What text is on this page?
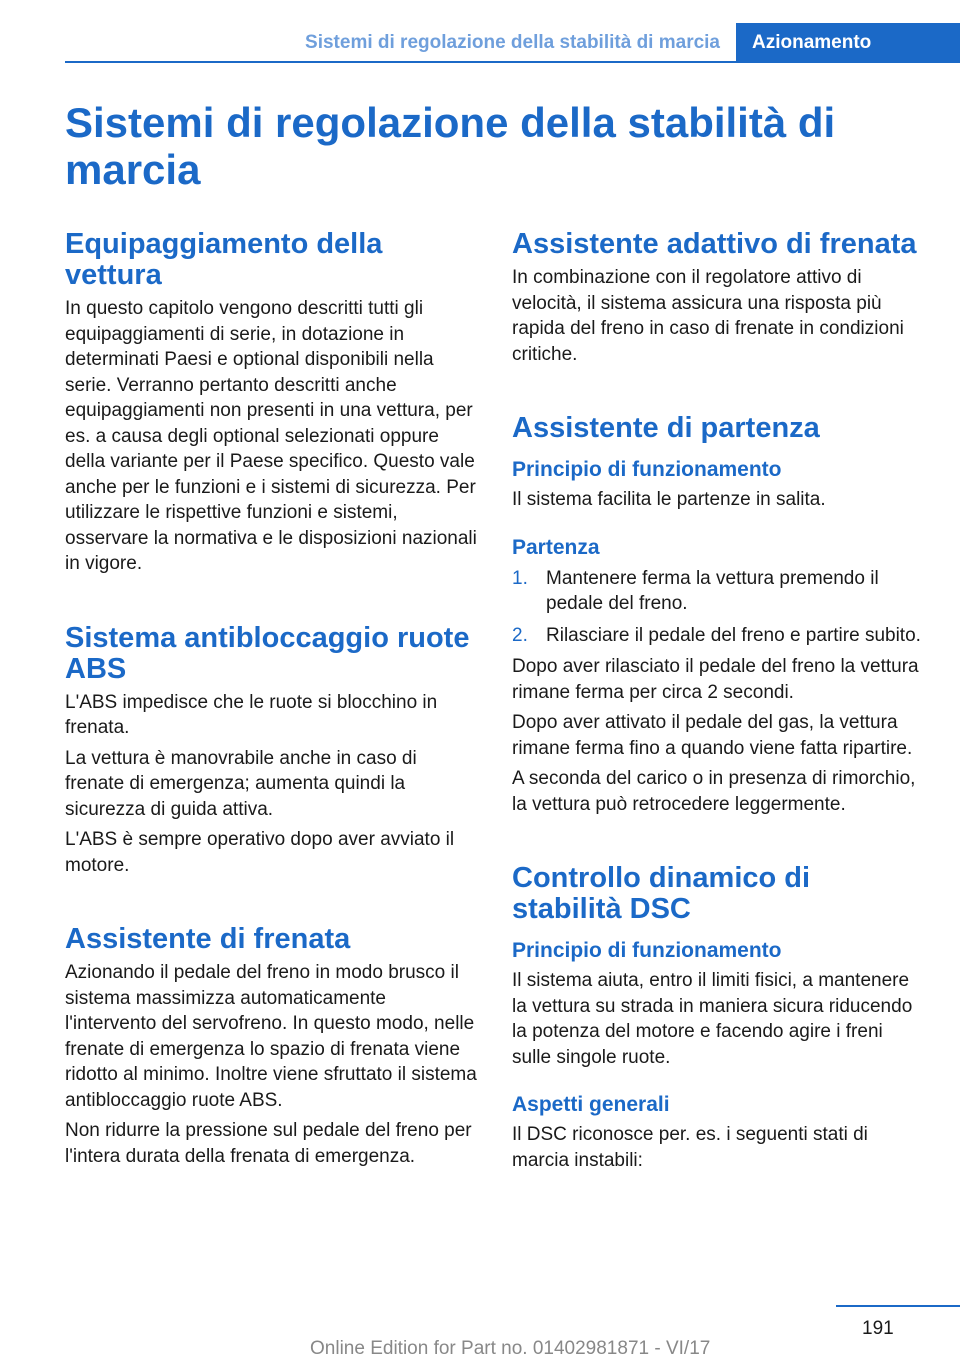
Sistemi di regolazione della stabilità di marcia	Azionamento
Sistemi di regolazione della stabilità di marcia
Equipaggiamento della vettura

In questo capitolo vengono descritti tutti gli equipaggiamenti di serie, in dotazione in determinati Paesi e optional disponibili nella serie. Verranno pertanto descritti anche equipaggiamenti non presenti in una vettura, per es. a causa degli optional selezionati oppure della variante per il Paese specifico. Questo vale anche per le funzioni e i sistemi di sicurezza. Per utilizzare le rispettive funzioni e sistemi, osservare la normativa e le disposizioni nazionali in vigore.

Sistema antibloccaggio ruote ABS

L'ABS impedisce che le ruote si blocchino in frenata.

La vettura è manovrabile anche in caso di frenate di emergenza; aumenta quindi la sicurezza di guida attiva.

L'ABS è sempre operativo dopo aver avviato il motore.

Assistente di frenata

Azionando il pedale del freno in modo brusco il sistema massimizza automaticamente l'intervento del servofreno. In questo modo, nelle frenate di emergenza lo spazio di frenata viene ridotto al minimo. Inoltre viene sfruttato il sistema antibloccaggio ruote ABS.

Non ridurre la pressione sul pedale del freno per l'intera durata della frenata di emergenza.

Assistente adattivo di frenata

In combinazione con il regolatore attivo di velocità, il sistema assicura una risposta più rapida del freno in caso di frenate in condizioni critiche.

Assistente di partenza
Principio di funzionamento

Il sistema facilita le partenze in salita.

Partenza
1. Mantenere ferma la vettura premendo il pedale del freno.
2. Rilasciare il pedale del freno e partire subito.

Dopo aver rilasciato il pedale del freno la vettura rimane ferma per circa 2 secondi.

Dopo aver attivato il pedale del gas, la vettura rimane ferma fino a quando viene fatta ripartire.

A seconda del carico o in presenza di rimorchio, la vettura può retrocedere leggermente.

Controllo dinamico di stabilità DSC
Principio di funzionamento

Il sistema aiuta, entro il limiti fisici, a mantenere la vettura su strada in maniera sicura riducendo la potenza del motore e facendo agire i freni sulle singole ruote.

Aspetti generali

Il DSC riconosce per. es. i seguenti stati di marcia instabili:

191
Online Edition for Part no. 01402981871 - VI/17
